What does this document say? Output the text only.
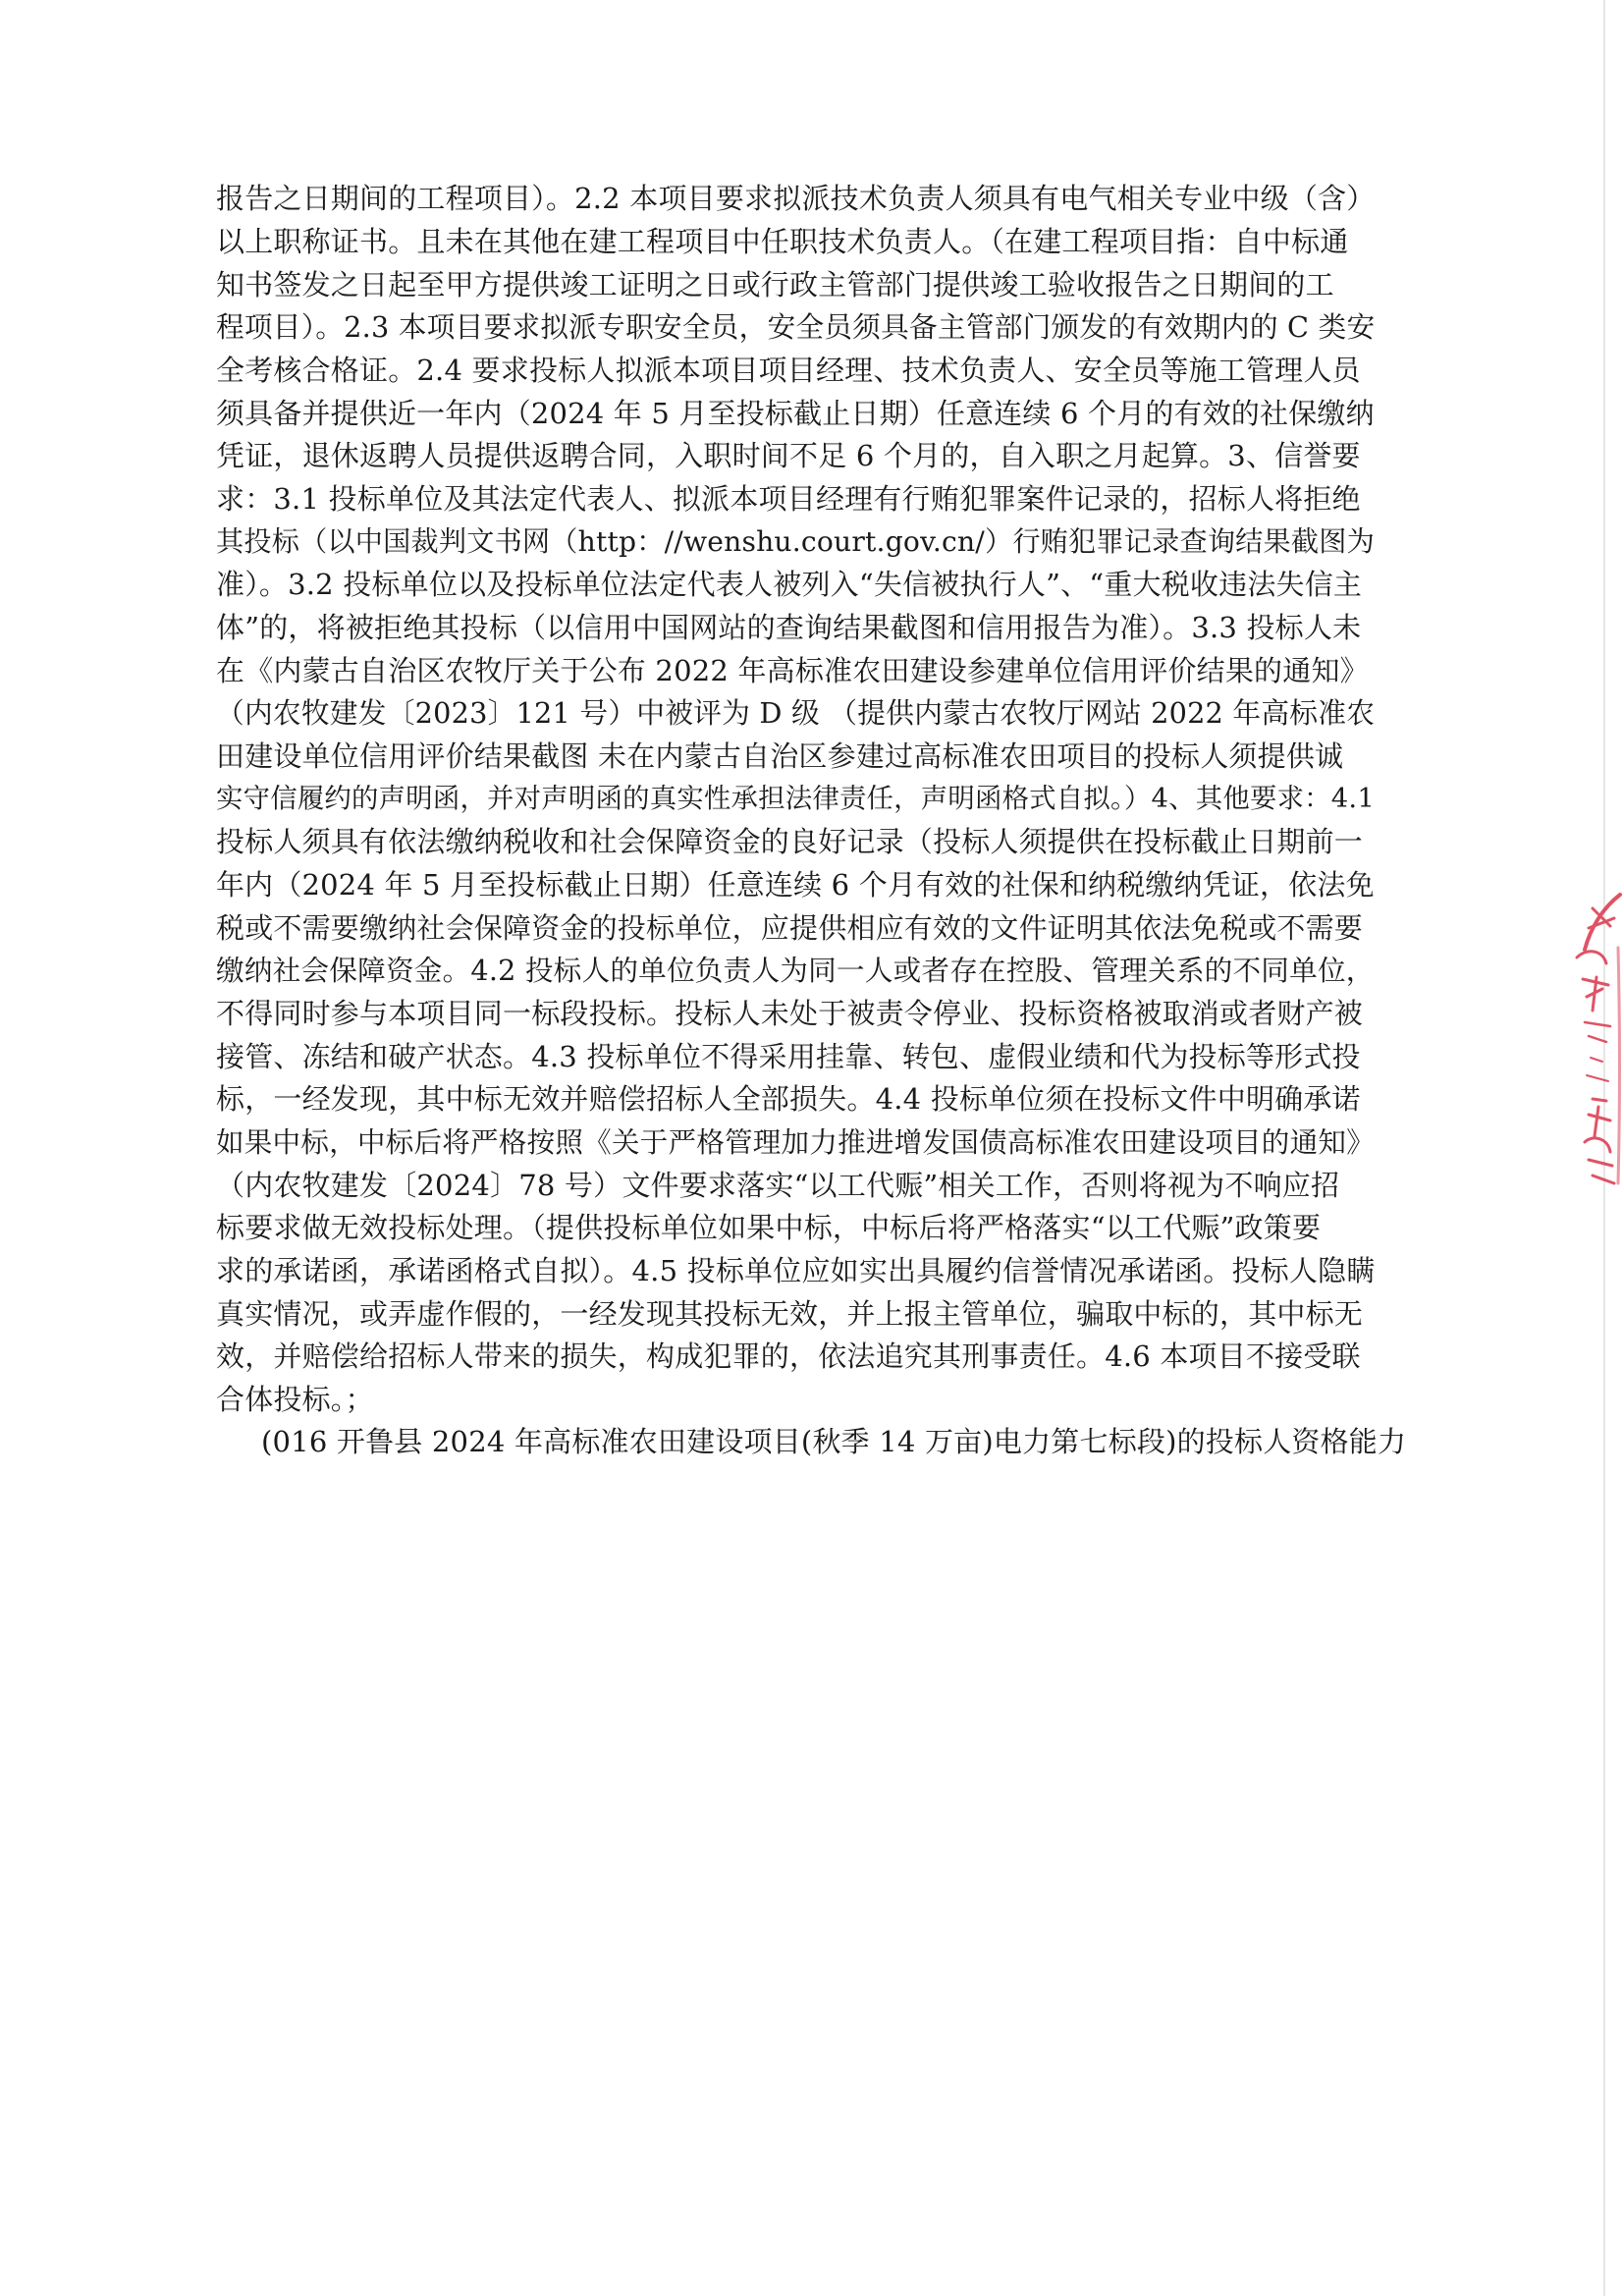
报告之日期间的工程项目）。2.2 本项目要求拟派技术负责人须具有电气相关专业中级（含）
以上职称证书。且未在其他在建工程项目中任职技术负责人。（在建工程项目指：自中标通
知书签发之日起至甲方提供竣工证明之日或行政主管部门提供竣工验收报告之日期间的工
程项目）。2.3 本项目要求拟派专职安全员，安全员须具备主管部门颁发的有效期内的 C 类安
全考核合格证。2.4 要求投标人拟派本项目项目经理、技术负责人、安全员等施工管理人员
须具备并提供近一年内（2024 年 5 月至投标截止日期）任意连续 6 个月的有效的社保缴纳
凭证，退休返聘人员提供返聘合同，入职时间不足 6 个月的，自入职之月起算。3、信誉要
求：3.1 投标单位及其法定代表人、拟派本项目经理有行贿犯罪案件记录的，招标人将拒绝
其投标（以中国裁判文书网（http：//wenshu.court.gov.cn/）行贿犯罪记录查询结果截图为
准）。3.2 投标单位以及投标单位法定代表人被列入“失信被执行人”、“重大税收违法失信主
体”的，将被拒绝其投标（以信用中国网站的查询结果截图和信用报告为准）。3.3 投标人未
在《内蒙古自治区农牧厅关于公布 2022 年高标准农田建设参建单位信用评价结果的通知》
（内农牧建发〔2023〕121 号）中被评为 D 级 （提供内蒙古农牧厅网站 2022 年高标准农
田建设单位信用评价结果截图 未在内蒙古自治区参建过高标准农田项目的投标人须提供诚
实守信履约的声明函，并对声明函的真实性承担法律责任，声明函格式自拟。）4、其他要求：4.1
投标人须具有依法缴纳税收和社会保障资金的良好记录（投标人须提供在投标截止日期前一
年内（2024 年 5 月至投标截止日期）任意连续 6 个月有效的社保和纳税缴纳凭证，依法免
税或不需要缴纳社会保障资金的投标单位，应提供相应有效的文件证明其依法免税或不需要
缴纳社会保障资金。4.2 投标人的单位负责人为同一人或者存在控股、管理关系的不同单位，
不得同时参与本项目同一标段投标。投标人未处于被责令停业、投标资格被取消或者财产被
接管、冻结和破产状态。4.3 投标单位不得采用挂靠、转包、虚假业绩和代为投标等形式投
标，一经发现，其中标无效并赔偿招标人全部损失。4.4 投标单位须在投标文件中明确承诺
如果中标，中标后将严格按照《关于严格管理加力推进增发国债高标准农田建设项目的通知》
（内农牧建发〔2024〕78 号）文件要求落实“以工代赈”相关工作，否则将视为不响应招
标要求做无效投标处理。（提供投标单位如果中标，中标后将严格落实“以工代赈”政策要
求的承诺函，承诺函格式自拟）。4.5 投标单位应如实出具履约信誉情况承诺函。投标人隐瞒
真实情况，或弄虚作假的，一经发现其投标无效，并上报主管单位，骗取中标的，其中标无
效，并赔偿给招标人带来的损失，构成犯罪的，依法追究其刑事责任。4.6 本项目不接受联
合体投标。；
(016 开鲁县 2024 年高标准农田建设项目(秋季 14 万亩)电力第七标段)的投标人资格能力
